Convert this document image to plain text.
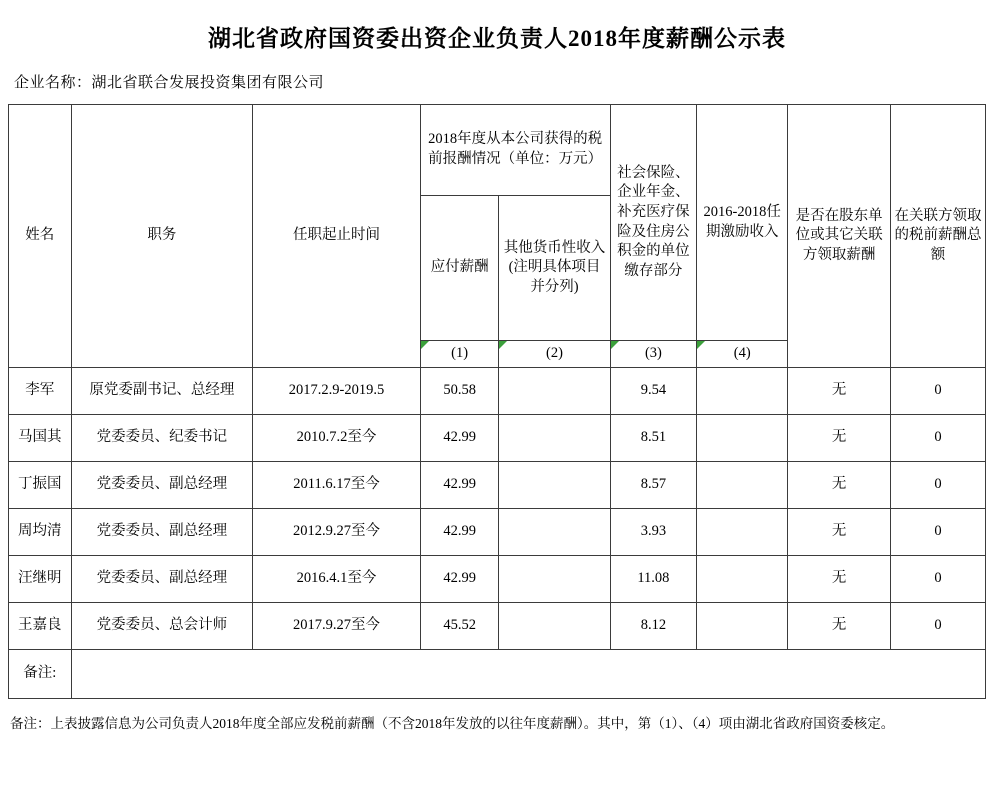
湖北省政府国资委出资企业负责人2018年度薪酬公示表
企业名称：湖北省联合发展投资集团有限公司
姓名	职务	任职起止时间	2018年度从本公司获得的税前报酬情况（单位：万元）		社会保险、企业年金、补充医疗保险及住房公积金的单位缴存部分	2016-2018任期激励收入	是否在股东单位或其它关联方领取薪酬	在关联方领取的税前薪酬总额
			应付薪酬	其他货币性收入(注明具体项目并分列)				
			(1)	(2)	(3)	(4)		
李军	原党委副书记、总经理	2017.2.9-2019.5	50.58		9.54		无	0
马国其	党委委员、纪委书记	2010.7.2至今	42.99		8.51		无	0
丁振国	党委委员、副总经理	2011.6.17至今	42.99		8.57		无	0
周均清	党委委员、副总经理	2012.9.27至今	42.99		3.93		无	0
汪继明	党委委员、副总经理	2016.4.1至今	42.99		11.08		无	0
王嘉良	党委委员、总会计师	2017.9.27至今	45.52		8.12		无	0
备注:								
备注：上表披露信息为公司负责人2018年度全部应发税前薪酬（不含2018年发放的以往年度薪酬）。其中，第（1）、（4）项由湖北省政府国资委核定。
